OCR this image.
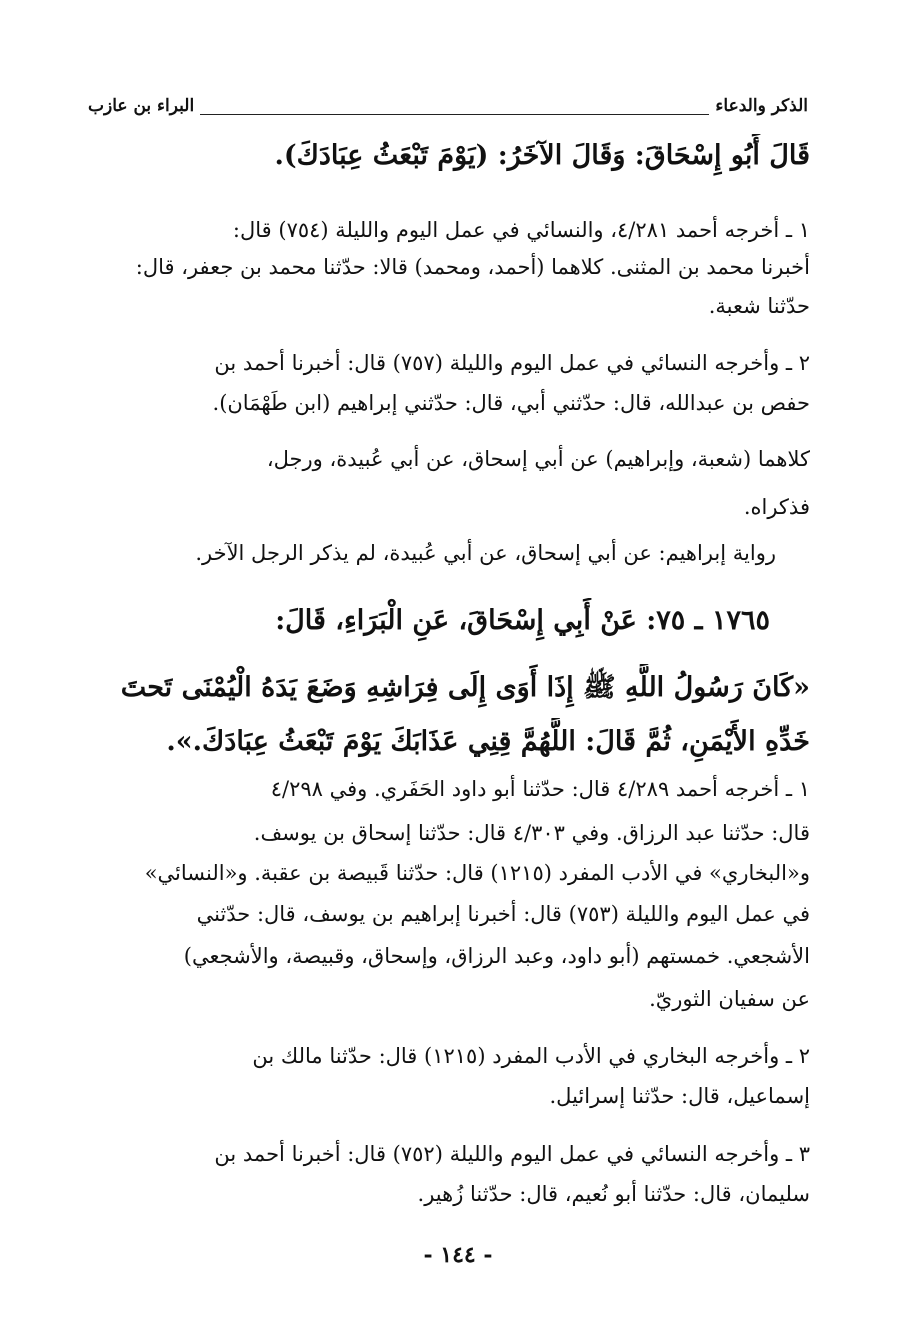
الذكر والدعاء
البراء بن عازب
قَالَ أَبُو إِسْحَاقَ: وَقَالَ الآخَرُ: (يَوْمَ تَبْعَثُ عِبَادَكَ).
١ ـ أخرجه أحمد ٤/٢٨١، والنسائي في عمل اليوم والليلة (٧٥٤) قال:
أخبرنا محمد بن المثنى. كلاهما (أحمد، ومحمد) قالا: حدّثنا محمد بن جعفر، قال:
حدّثنا شعبة.
٢ ـ وأخرجه النسائي في عمل اليوم والليلة (٧٥٧) قال: أخبرنا أحمد بن
حفص بن عبدالله، قال: حدّثني أبي، قال: حدّثني إبراهيم (ابن طَهْمَان).
كلاهما (شعبة، وإبراهيم) عن أبي إسحاق، عن أبي عُبيدة، ورجل،
فذكراه.
رواية إبراهيم: عن أبي إسحاق، عن أبي عُبيدة، لم يذكر الرجل الآخر.
١٧٦٥ ـ ٧٥: عَنْ أَبِي إِسْحَاقَ، عَنِ الْبَرَاءِ، قَالَ:
«كَانَ رَسُولُ اللَّهِ ﷺ إِذَا أَوَى إِلَى فِرَاشِهِ وَضَعَ يَدَهُ الْيُمْنَى تَحتَ
خَدِّهِ الأَيْمَنِ، ثُمَّ قَالَ: اللَّهُمَّ قِنِي عَذَابَكَ يَوْمَ تَبْعَثُ عِبَادَكَ.».
١ ـ أخرجه أحمد ٤/٢٨٩ قال: حدّثنا أبو داود الحَفَري. وفي ٤/٢٩٨
قال: حدّثنا عبد الرزاق. وفي ٤/٣٠٣ قال: حدّثنا إسحاق بن يوسف.
و«البخاري» في الأدب المفرد (١٢١٥) قال: حدّثنا قَبيصة بن عقبة. و«النسائي»
في عمل اليوم والليلة (٧٥٣) قال: أخبرنا إبراهيم بن يوسف، قال: حدّثني
الأشجعي. خمستهم (أبو داود، وعبد الرزاق، وإسحاق، وقبيصة، والأشجعي)
عن سفيان الثوريّ.
٢ ـ وأخرجه البخاري في الأدب المفرد (١٢١٥) قال: حدّثنا مالك بن
إسماعيل، قال: حدّثنا إسرائيل.
٣ ـ وأخرجه النسائي في عمل اليوم والليلة (٧٥٢) قال: أخبرنا أحمد بن
سليمان، قال: حدّثنا أبو نُعيم، قال: حدّثنا زُهير.
- ١٤٤ -
